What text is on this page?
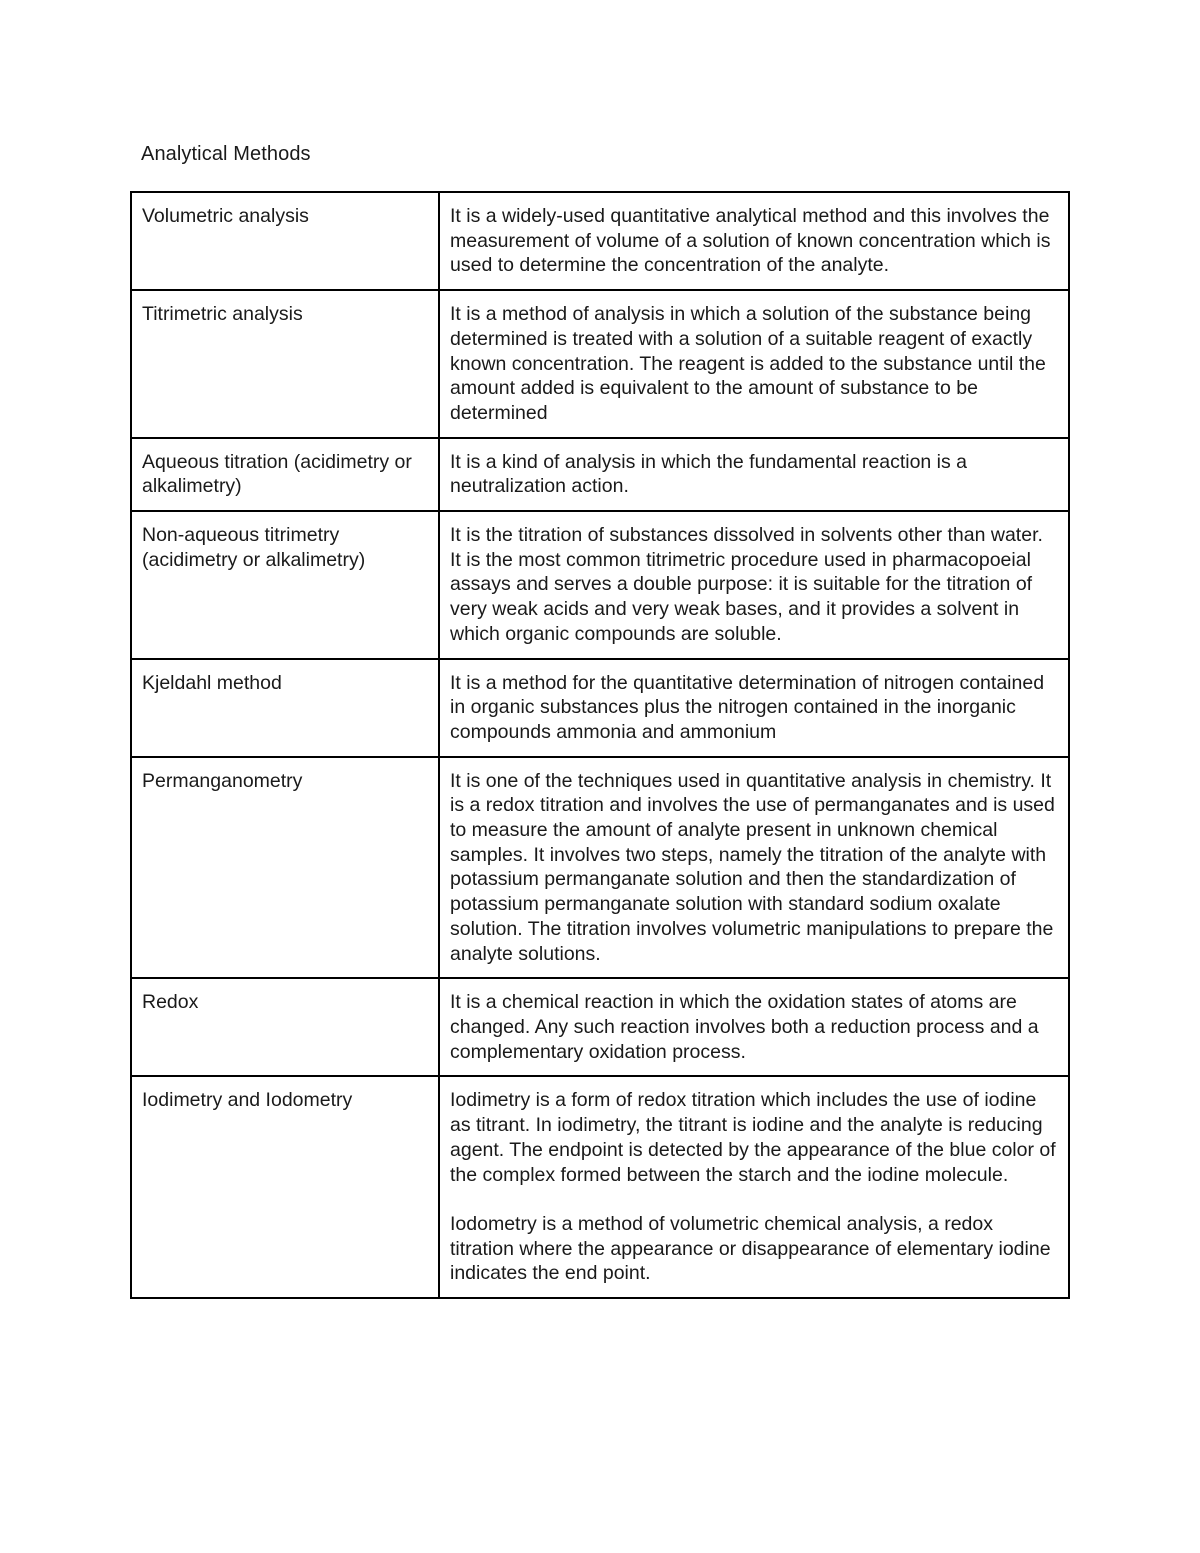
Analytical Methods
Volumetric analysis	It is a widely-used quantitative analytical method and this involves the measurement of volume of a solution of known concentration which is used to determine the concentration of the analyte.

Titrimetric analysis	It is a method of analysis in which a solution of the substance being determined is treated with a solution of a suitable reagent of exactly known concentration. The reagent is added to the substance until the amount added is equivalent to the amount of substance to be determined

Aqueous titration (acidimetry or alkalimetry)	It is a kind of analysis in which the fundamental reaction is a neutralization action.

Non-aqueous titrimetry (acidimetry or alkalimetry)	It is the titration of substances dissolved in solvents other than water. It is the most common titrimetric procedure used in pharmacopoeial assays and serves a double purpose: it is suitable for the titration of very weak acids and very weak bases, and it provides a solvent in which organic compounds are soluble.

Kjeldahl method	It is a method for the quantitative determination of nitrogen contained in organic substances plus the nitrogen contained in the inorganic compounds ammonia and ammonium

Permanganometry	It is one of the techniques used in quantitative analysis in chemistry. It is a redox titration and involves the use of permanganates and is used to measure the amount of analyte present in unknown chemical samples. It involves two steps, namely the titration of the analyte with potassium permanganate solution and then the standardization of potassium permanganate solution with standard sodium oxalate solution. The titration involves volumetric manipulations to prepare the analyte solutions.

Redox	It is a chemical reaction in which the oxidation states of atoms are changed. Any such reaction involves both a reduction process and a complementary oxidation process.

Iodimetry and Iodometry	Iodimetry is a form of redox titration which includes the use of iodine as titrant. In iodimetry, the titrant is iodine and the analyte is reducing agent. The endpoint is detected by the appearance of the blue color of the complex formed between the starch and the iodine molecule.
Iodometry is a method of volumetric chemical analysis, a redox titration where the appearance or disappearance of elementary iodine indicates the end point.
